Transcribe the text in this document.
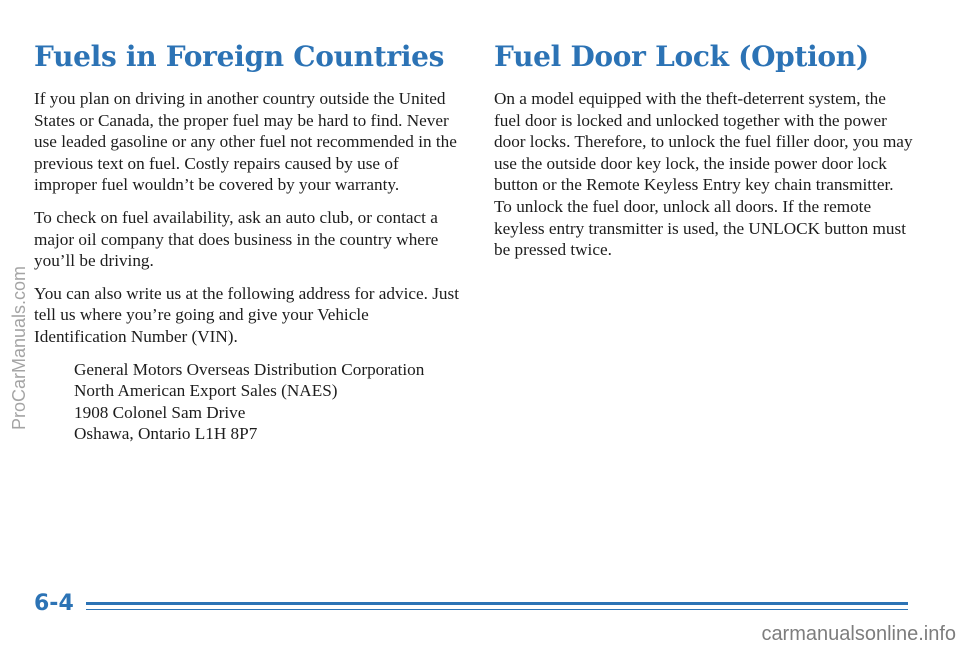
Fuels in Foreign Countries

If you plan on driving in another country outside the United States or Canada, the proper fuel may be hard to find. Never use leaded gasoline or any other fuel not recommended in the previous text on fuel. Costly repairs caused by use of improper fuel wouldn’t be covered by your warranty.

To check on fuel availability, ask an auto club, or contact a major oil company that does business in the country where you’ll be driving.

You can also write us at the following address for advice. Just tell us where you’re going and give your Vehicle Identification Number (VIN).

General Motors Overseas Distribution Corporation
North American Export Sales (NAES)
1908 Colonel Sam Drive
Oshawa, Ontario L1H 8P7
Fuel Door Lock (Option)

On a model equipped with the theft-deterrent system, the fuel door is locked and unlocked together with the power door locks. Therefore, to unlock the fuel filler door, you may use the outside door key lock, the inside power door lock button or the Remote Keyless Entry key chain transmitter. To unlock the fuel door, unlock all doors. If the remote keyless entry transmitter is used, the UNLOCK button must be pressed twice.

6-4
ProCarManuals.com
carmanualsonline.info
